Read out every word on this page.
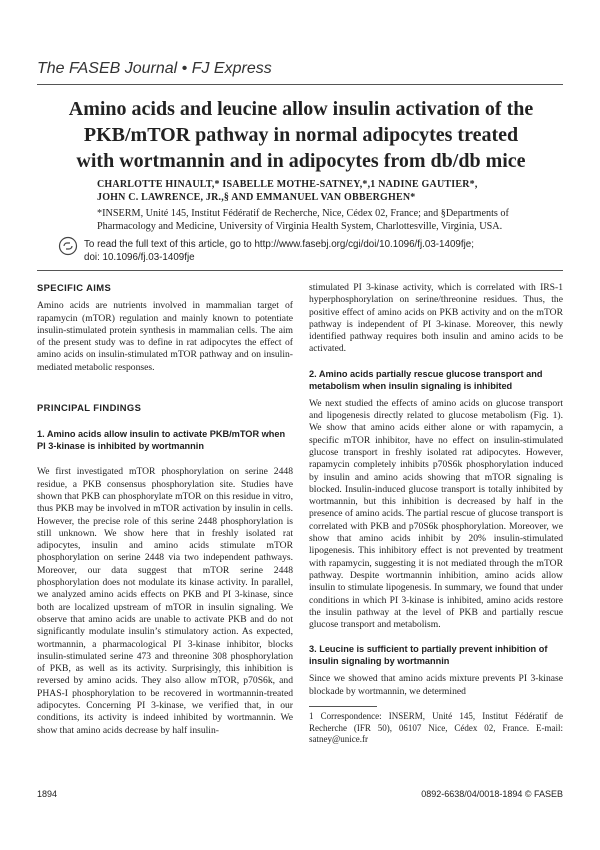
The FASEB Journal • FJ Express
Amino acids and leucine allow insulin activation of the
PKB/mTOR pathway in normal adipocytes treated
with wortmannin and in adipocytes from db/db mice
CHARLOTTE HINAULT,* ISABELLE MOTHE-SATNEY,*,1 NADINE GAUTIER*,
JOHN C. LAWRENCE, JR.,§ AND EMMANUEL VAN OBBERGHEN*
*INSERM, Unité 145, Institut Fédératif de Recherche, Nice, Cédex 02, France; and §Departments of Pharmacology and Medicine, University of Virginia Health System, Charlottesville, Virginia, USA.
To read the full text of this article, go to http://www.fasebj.org/cgi/doi/10.1096/fj.03-1409fje;
doi: 10.1096/fj.03-1409fje
SPECIFIC AIMS

Amino acids are nutrients involved in mammalian target of rapamycin (mTOR) regulation and mainly known to potentiate insulin-stimulated protein synthesis in mammalian cells. The aim of the present study was to define in rat adipocytes the effect of amino acids on insulin-stimulated mTOR pathway and on insulin-mediated metabolic responses.

PRINCIPAL FINDINGS
1. Amino acids allow insulin to activate PKB/mTOR when PI 3-kinase is inhibited by wortmannin

We first investigated mTOR phosphorylation on serine 2448 residue, a PKB consensus phosphorylation site. Studies have shown that PKB can phosphorylate mTOR on this residue in vitro, thus PKB may be involved in mTOR activation by insulin in cells. However, the precise role of this serine 2448 phosphorylation is still unknown. We show here that in freshly isolated rat adipocytes, insulin and amino acids stimulate mTOR phosphorylation on serine 2448 via two independent pathways. Moreover, our data suggest that mTOR serine 2448 phosphorylation does not modulate its kinase activity. In parallel, we analyzed amino acids effects on PKB and PI 3-kinase, since both are localized upstream of mTOR in insulin signaling. We observe that amino acids are unable to activate PKB and do not significantly modulate insulin’s stimulatory action. As expected, wortmannin, a pharmacological PI 3-kinase inhibitor, blocks insulin-stimulated serine 473 and threonine 308 phosphorylation of PKB, as well as its activity. Surprisingly, this inhibition is reversed by amino acids. They also allow mTOR, p70S6k, and PHAS-I phosphorylation to be recovered in wortmannin-treated adipocytes. Concerning PI 3-kinase, we verified that, in our conditions, its activity is indeed inhibited by wortmannin. We show that amino acids decrease by half insulin-

stimulated PI 3-kinase activity, which is correlated with IRS-1 hyperphosphorylation on serine/threonine residues. Thus, the positive effect of amino acids on PKB activity and on the mTOR pathway is independent of PI 3-kinase. Moreover, this newly identified pathway requires both insulin and amino acids to be activated.

2. Amino acids partially rescue glucose transport and metabolism when insulin signaling is inhibited

We next studied the effects of amino acids on glucose transport and lipogenesis directly related to glucose metabolism (Fig. 1). We show that amino acids either alone or with rapamycin, a specific mTOR inhibitor, have no effect on insulin-stimulated glucose transport in freshly isolated rat adipocytes. However, rapamycin completely inhibits p70S6k phosphorylation induced by insulin and amino acids showing that mTOR signaling is blocked. Insulin-induced glucose transport is totally inhibited by wortmannin, but this inhibition is decreased by half in the presence of amino acids. The partial rescue of glucose transport is correlated with PKB and p70S6k phosphorylation. Moreover, we show that amino acids inhibit by 20% insulin-stimulated lipogenesis. This inhibitory effect is not prevented by treatment with rapamycin, suggesting it is not mediated through the mTOR pathway. Despite wortmannin inhibition, amino acids allow insulin to stimulate lipogenesis. In summary, we found that under conditions in which PI 3-kinase is inhibited, amino acids restore the insulin pathway at the level of PKB and partially rescue glucose transport and metabolism.

3. Leucine is sufficient to partially prevent inhibition of insulin signaling by wortmannin

Since we showed that amino acids mixture prevents PI 3-kinase blockade by wortmannin, we determined

1 Correspondence: INSERM, Unité 145, Institut Fédératif de Recherche (IFR 50), 06107 Nice, Cédex 02, France. E-mail: satney@unice.fr

1894	0892-6638/04/0018-1894 © FASEB
